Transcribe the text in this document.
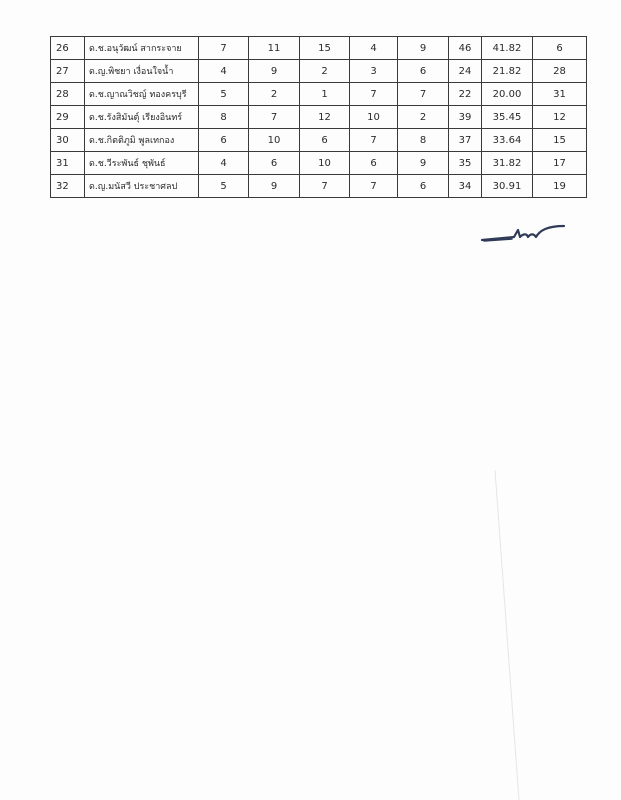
26	ด.ช.อนุวัฒน์ สากระจาย	7	11	15	4	9	46	41.82	6
27	ด.ญ.พิชยา เงื่อนใจน้ำ	4	9	2	3	6	24	21.82	28
28	ด.ช.ญาณวิชญ์ ทองครบุรี	5	2	1	7	7	22	20.00	31
29	ด.ช.รังสิมันตุ์ เรียงอินทร์	8	7	12	10	2	39	35.45	12
30	ด.ช.กิตติภูมิ พูลเทกอง	6	10	6	7	8	37	33.64	15
31	ด.ช.วีระพันธ์ ชุพันธ์	4	6	10	6	9	35	31.82	17
32	ด.ญ.มนัสวี ประชาศลป	5	9	7	7	6	34	30.91	19
